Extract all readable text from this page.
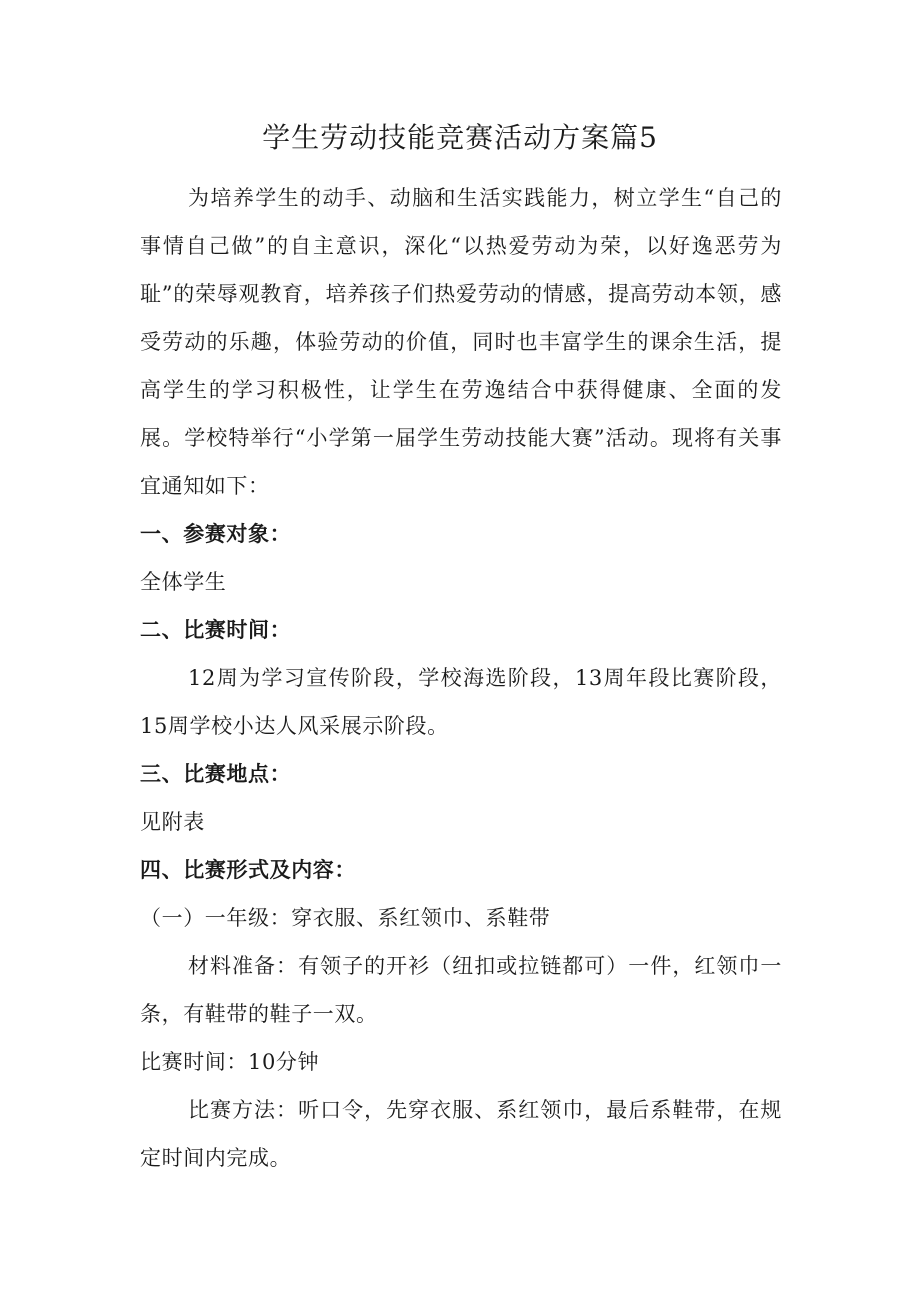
学生劳动技能竞赛活动方案篇5

为培养学生的动手、动脑和生活实践能力，树立学生“自己的事情自己做”的自主意识，深化“以热爱劳动为荣，以好逸恶劳为耻”的荣辱观教育，培养孩子们热爱劳动的情感，提高劳动本领，感受劳动的乐趣，体验劳动的价值，同时也丰富学生的课余生活，提高学生的学习积极性，让学生在劳逸结合中获得健康、全面的发展。学校特举行“小学第一届学生劳动技能大赛”活动。现将有关事宜通知如下：

一、参赛对象：

全体学生

二、比赛时间：

12周为学习宣传阶段，学校海选阶段，13周年段比赛阶段，15周学校小达人风采展示阶段。

三、比赛地点：

见附表

四、比赛形式及内容：

（一）一年级：穿衣服、系红领巾、系鞋带

材料准备：有领子的开衫（纽扣或拉链都可）一件，红领巾一条，有鞋带的鞋子一双。

比赛时间：10分钟

比赛方法：听口令，先穿衣服、系红领巾，最后系鞋带，在规定时间内完成。
